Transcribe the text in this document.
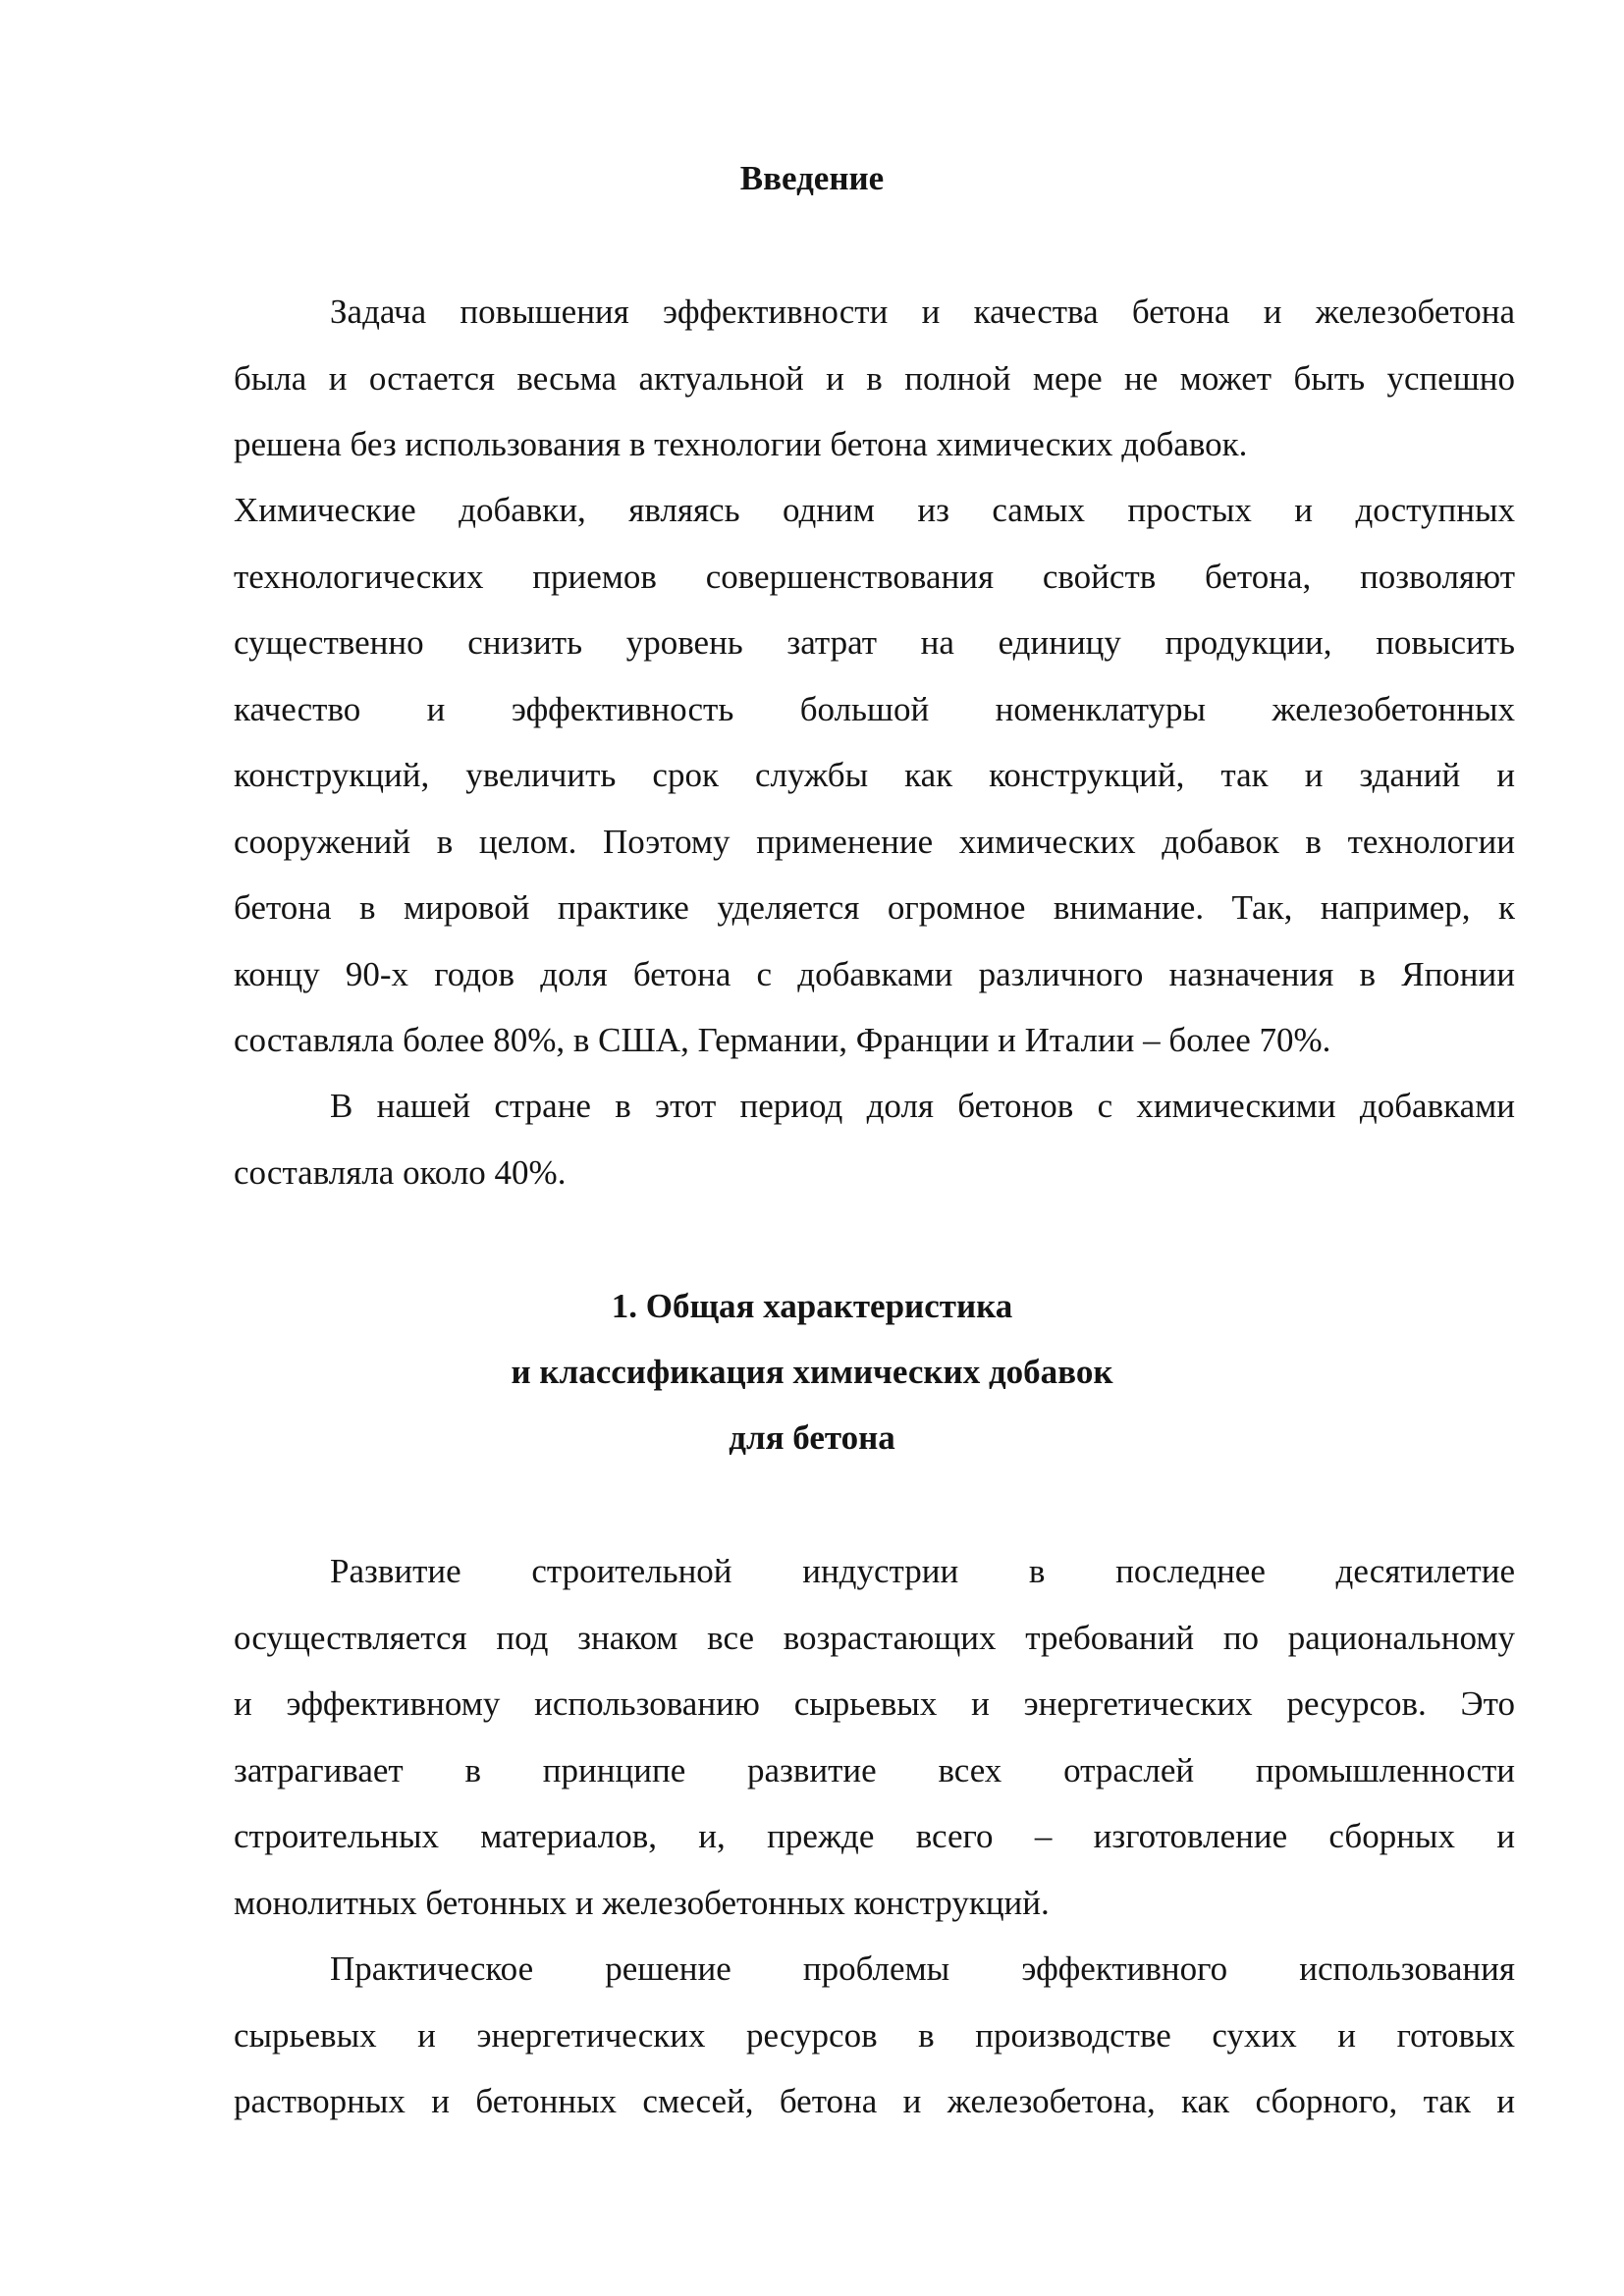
Введение
Задача повышения эффективности и качества бетона и железобетона
была и остается весьма актуальной и в полной мере не может быть успешно
решена без использования в технологии бетона химических добавок.
Химические добавки, являясь одним из самых простых и доступных
технологических приемов совершенствования свойств бетона, позволяют
существенно снизить уровень затрат на единицу продукции, повысить
качество и эффективность большой номенклатуры железобетонных
конструкций, увеличить срок службы как конструкций, так и зданий и
сооружений в целом. Поэтому применение химических добавок в технологии
бетона в мировой практике уделяется огромное внимание. Так, например, к
концу 90-х годов доля бетона с добавками различного назначения в Японии
составляла более 80%, в США, Германии, Франции и Италии – более 70%.
В нашей стране в этот период доля бетонов с химическими добавками
составляла около 40%.
1. Общая характеристика
и классификация химических добавок
для бетона
Развитие строительной индустрии в последнее десятилетие
осуществляется под знаком все возрастающих требований по рациональному
и эффективному использованию сырьевых и энергетических ресурсов. Это
затрагивает в принципе развитие всех отраслей промышленности
строительных материалов, и, прежде всего – изготовление сборных и
монолитных бетонных и железобетонных конструкций.
Практическое решение проблемы эффективного использования
сырьевых и энергетических ресурсов в производстве сухих и готовых
растворных и бетонных смесей, бетона и железобетона, как сборного, так и
